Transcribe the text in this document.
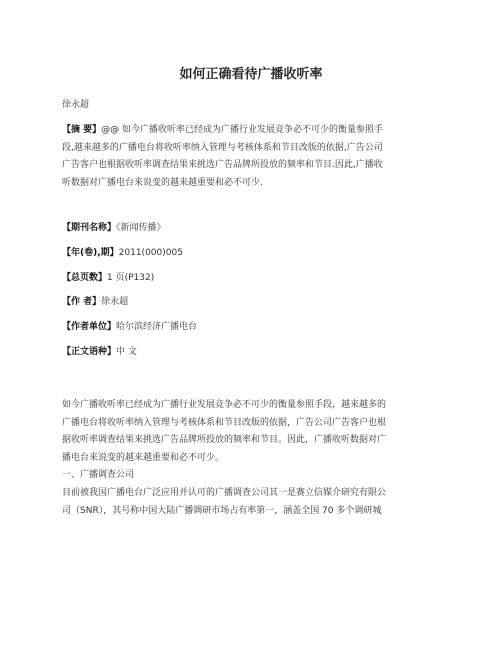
如何正确看待广播收听率
徐永超

【摘 要】@@ 如今广播收听率已经成为广播行业发展竞争必不可少的衡量参照手
段,越来越多的广播电台将收听率纳入管理与考核体系和节目改版的依据,广告公司
广告客户也根据收听率调查结果来挑选广告品牌所投放的频率和节目.因此,广播收
听数据对广播电台来说变的越来越重要和必不可少.

【期刊名称】《新闻传播》
【年(卷),期】2011(000)005
【总页数】1 页(P132)
【作 者】徐永超
【作者单位】哈尔滨经济广播电台
【正文语种】中 文
如今广播收听率已经成为广播行业发展竞争必不可少的衡量参照手段，越来越多的
广播电台将收听率纳入管理与考核体系和节目改版的依据，广告公司广告客户也根
据收听率调查结果来挑选广告品牌所投放的频率和节目。因此，广播收听数据对广
播电台来说变的越来越重要和必不可少。
一、广播调查公司
目前被我国广播电台广泛应用并认可的广播调查公司其一是赛立信媒介研究有限公
司（SNR），其号称中国大陆广播调研市场占有率第一，涵盖全国 70 多个调研城
